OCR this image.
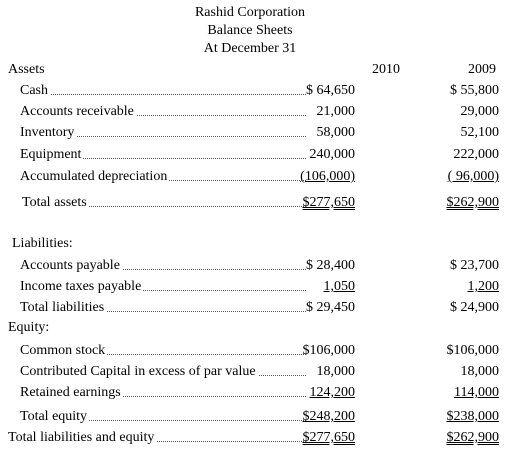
Rashid Corporation
Balance Sheets
At December 31
Assets	2010	2009
Cash	$ 64,650	$ 55,800
Accounts receivable	21,000	29,000
Inventory	58,000	52,100
Equipment	240,000	222,000
Accumulated depreciation	(106,000)	( 96,000)
Total assets	$277,650	$262,900
Liabilities:
Accounts payable	$ 28,400	$ 23,700
Income taxes payable	1,050	1,200
Total liabilities	$ 29,450	$ 24,900
Equity:
Common stock	$106,000	$106,000
Contributed Capital in excess of par value	18,000	18,000
Retained earnings	124,200	114,000
Total equity	$248,200	$238,000
Total liabilities and equity	$277,650	$262,900
